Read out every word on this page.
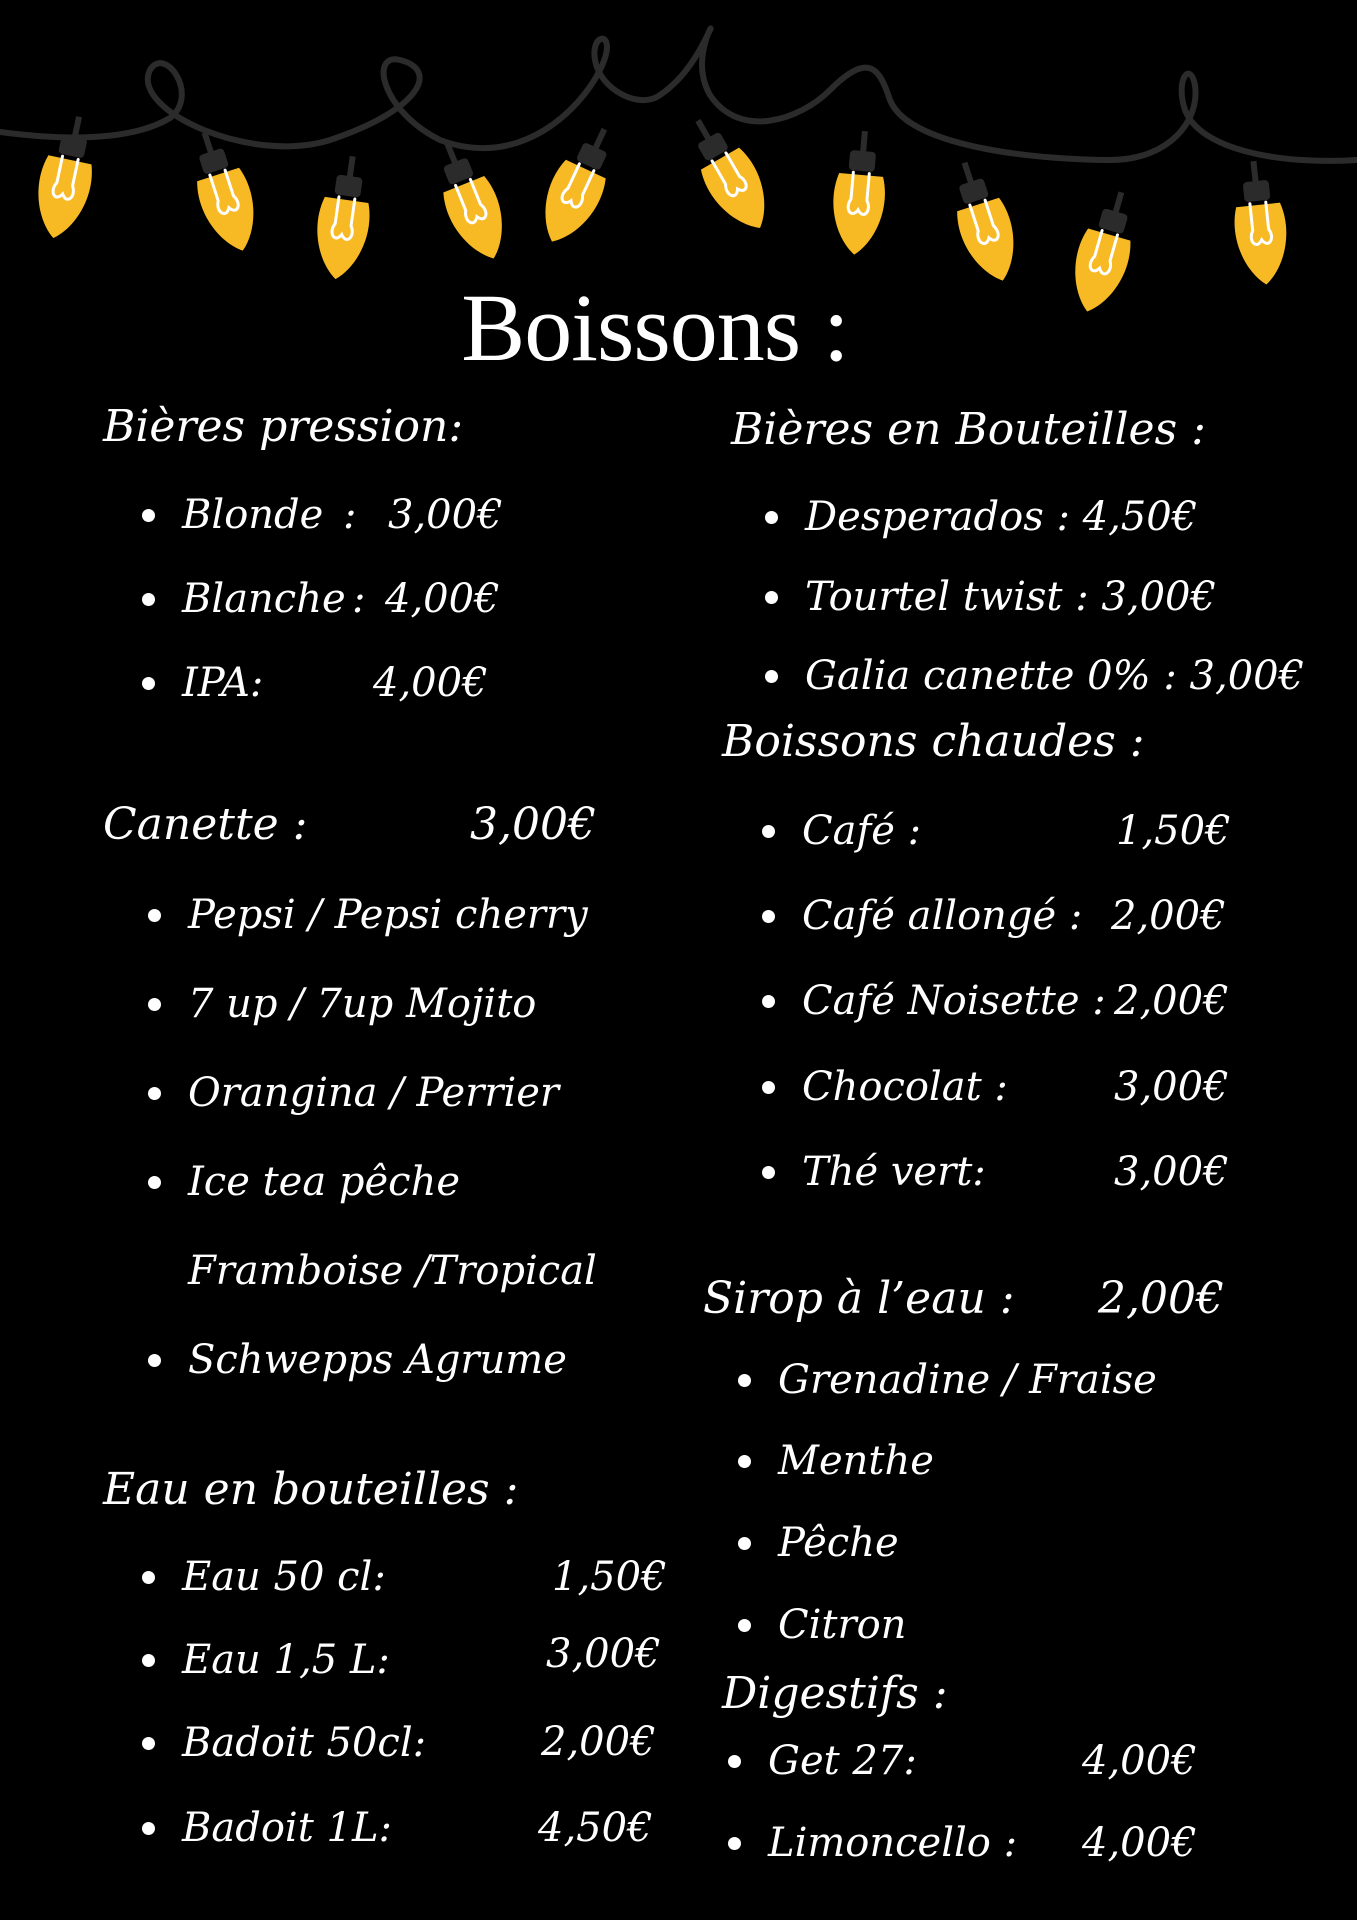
Boissons :
Bières pression:
Blonde : 3,00€
Blanche : 4,00€
IPA:	4,00€
Canette :	3,00€
Pepsi / Pepsi cherry
7 up / 7up Mojito
Orangina / Perrier
Ice tea pêche
Framboise /Tropical
Schwepps Agrume
Eau en bouteilles :
Eau 50 cl:	1,50€
Eau 1,5 L:	3,00€
Badoit 50cl:	2,00€
Badoit 1L:	4,50€
Bières en Bouteilles :
Desperados : 4,50€
Tourtel twist : 3,00€
Galia canette 0% : 3,00€
Boissons chaudes :
Café :	1,50€
Café allongé : 2,00€
Café Noisette : 2,00€
Chocolat :	3,00€
Thé vert:	3,00€
Sirop à l’eau : 2,00€
Grenadine / Fraise
Menthe
Pêche
Citron
Digestifs :
Get 27:	4,00€
Limoncello : 4,00€
